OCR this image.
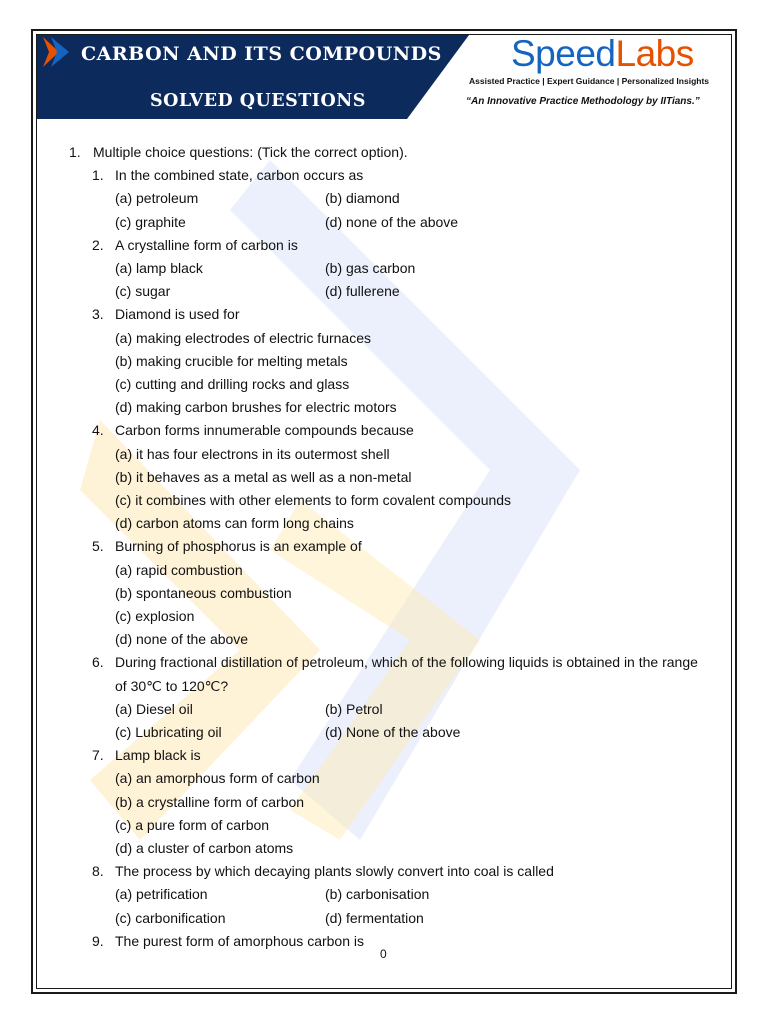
CARBON AND ITS COMPOUNDS
SOLVED QUESTIONS
SpeedLabs
Assisted Practice | Expert Guidance | Personalized Insights
“An Innovative Practice Methodology by IITians.”
1. Multiple choice questions: (Tick the correct option).
1. In the combined state, carbon occurs as
(a) petroleum	(b) diamond
(c) graphite	(d) none of the above
2. A crystalline form of carbon is
(a) lamp black	(b) gas carbon
(c) sugar	(d) fullerene
3. Diamond is used for
(a) making electrodes of electric furnaces
(b) making crucible for melting metals
(c) cutting and drilling rocks and glass
(d) making carbon brushes for electric motors
4. Carbon forms innumerable compounds because
(a) it has four electrons in its outermost shell
(b) it behaves as a metal as well as a non-metal
(c) it combines with other elements to form covalent compounds
(d) carbon atoms can form long chains
5. Burning of phosphorus is an example of
(a) rapid combustion
(b) spontaneous combustion
(c) explosion
(d) none of the above
6. During fractional distillation of petroleum, which of the following liquids is obtained in the range
of 30℃ to 120℃?
(a) Diesel oil	(b) Petrol
(c) Lubricating oil	(d) None of the above
7. Lamp black is
(a) an amorphous form of carbon
(b) a crystalline form of carbon
(c) a pure form of carbon
(d) a cluster of carbon atoms
8. The process by which decaying plants slowly convert into coal is called
(a) petrification	(b) carbonisation
(c) carbonification	(d) fermentation
9. The purest form of amorphous carbon is
0
